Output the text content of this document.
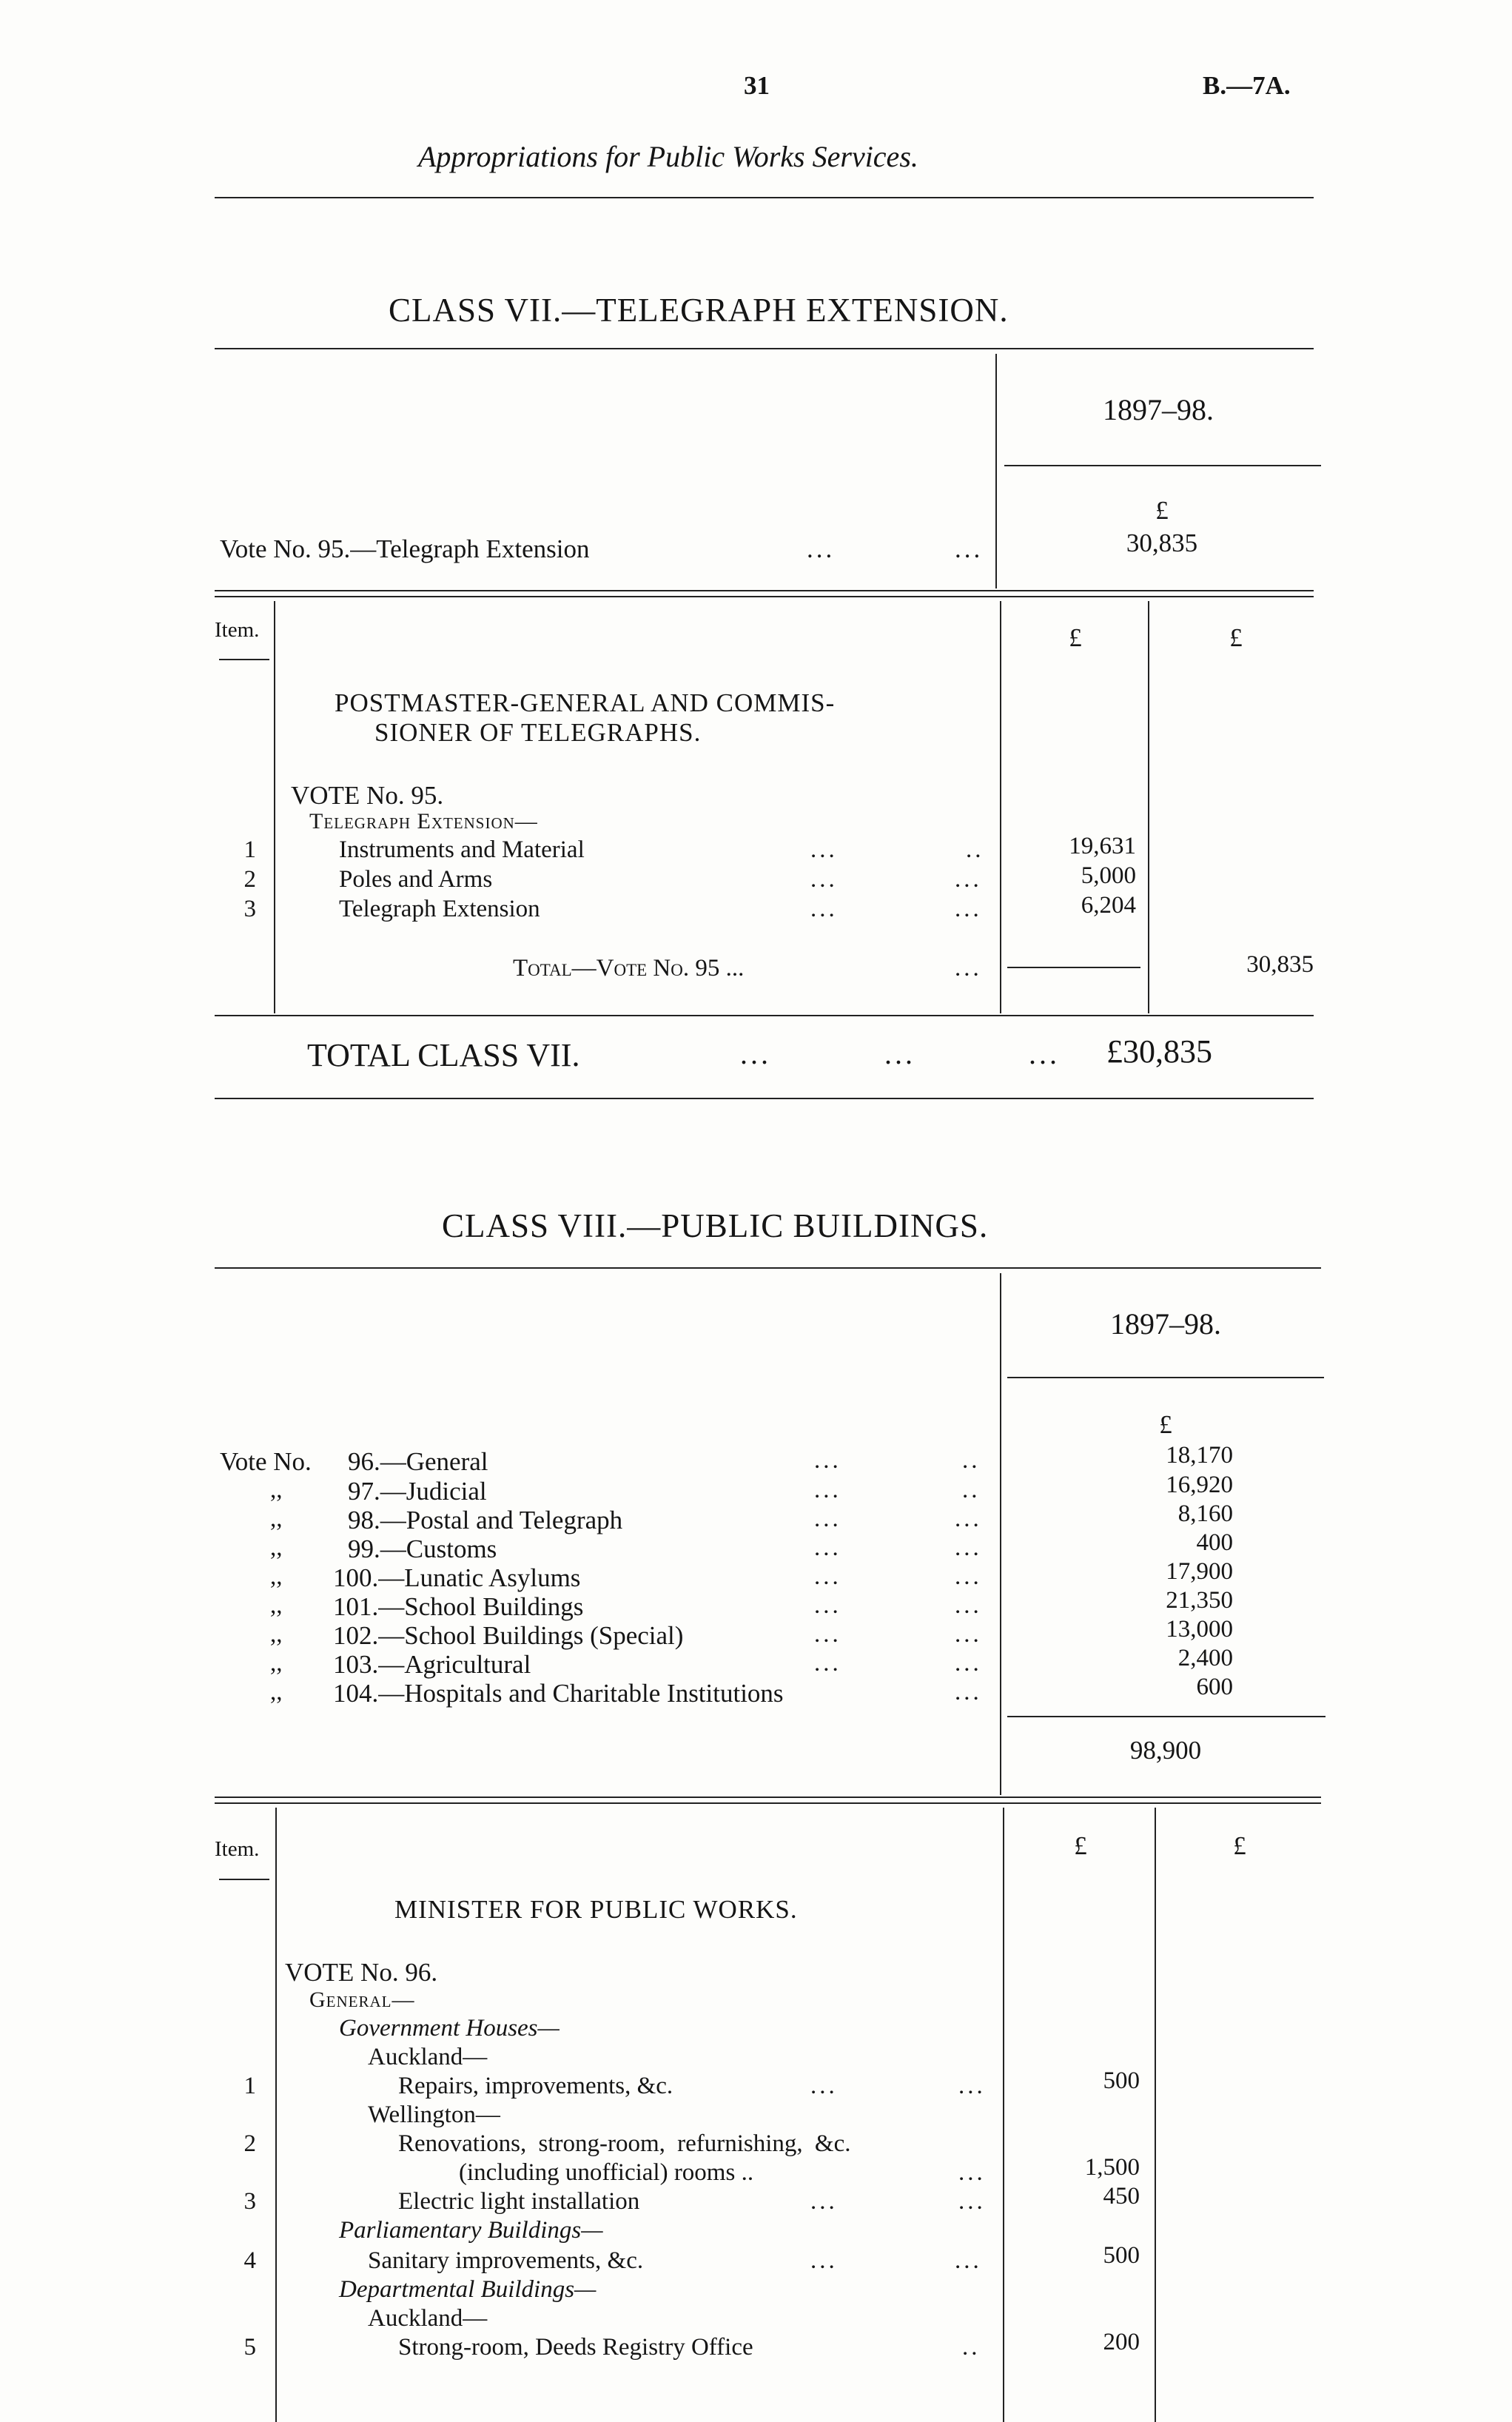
31	B.—7A.
Appropriations for Public Works Services.
CLASS VII.—TELEGRAPH EXTENSION.
1897–98.
£
Vote No. 95.—Telegraph Extension	...	...	30,835
Item.	£	£
POSTMASTER-GENERAL AND COMMIS-
SIONER OF TELEGRAPHS.
VOTE No. 95.
Telegraph Extension—
1	Instruments and Material	...	..	19,631
2	Poles and Arms	...	...	5,000
3	Telegraph Extension	...	...	6,204
Total—Vote No. 95 ...	...	30,835
TOTAL CLASS VII.	...	...	... £30,835
CLASS VIII.—PUBLIC BUILDINGS.
1897–98.
£
Vote No. 96.—General	...	..	18,170
,,	97.—Judicial	...	..	16,920
,,	98.—Postal and Telegraph	...	...	8,160
,,	99.—Customs	...	...	400
,, 100.—Lunatic Asylums	...	...	17,900
,, 101.—School Buildings	...	...	21,350
,, 102.—School Buildings (Special)	...	...	13,000
,, 103.—Agricultural	...	...	2,400
,, 104.—Hospitals and Charitable Institutions	...	600
98,900
Item.	£	£
MINISTER FOR PUBLIC WORKS.
VOTE No. 96.
General—
Government Houses—
Auckland—
1	Repairs, improvements, &c.	...	...	500
Wellington—
2	Renovations, strong-room, refurnishing, &c.
(including unofficial) rooms ..	...	1,500
3	Electric light installation	...	...	450
Parliamentary Buildings—
4	Sanitary improvements, &c.	...	...	500
Departmental Buildings—
Auckland—
5	Strong-room, Deeds Registry Office	..	200
